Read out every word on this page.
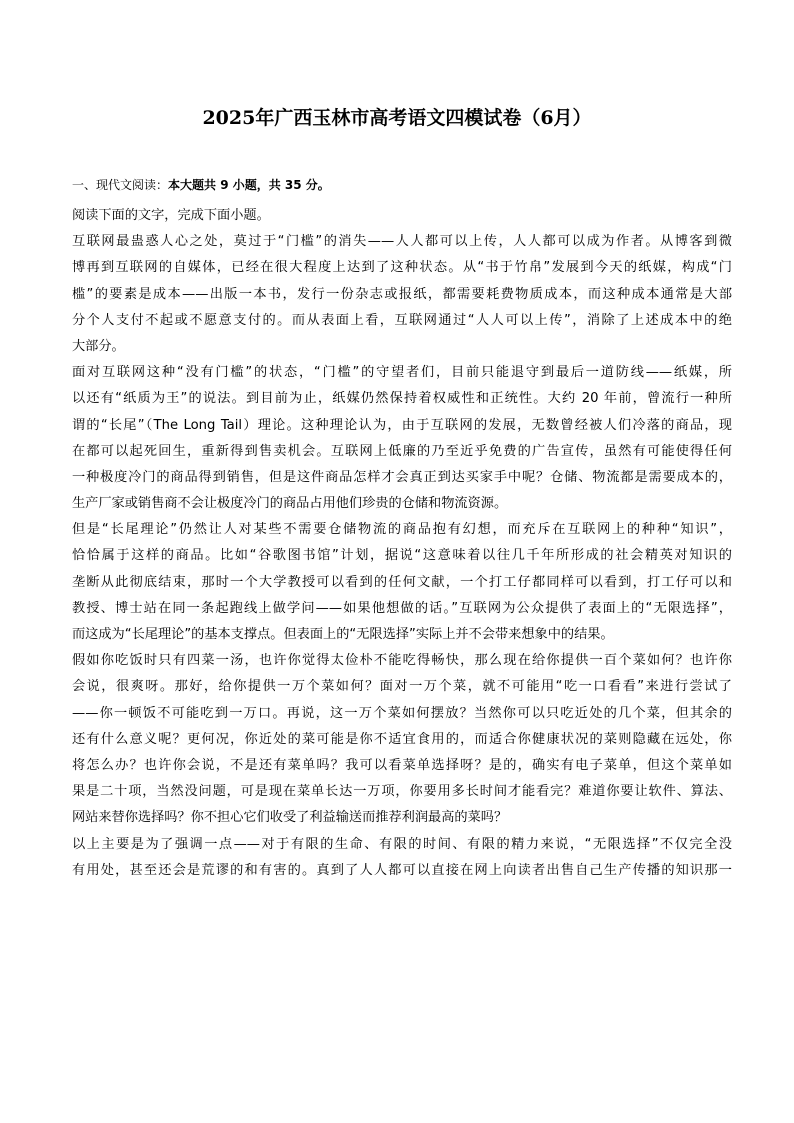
2025年广西玉林市高考语文四模试卷（6月）
一、现代文阅读：本大题共 9 小题，共 35 分。
阅读下面的文字，完成下面小题。
互联网最蛊惑人心之处，莫过于“门槛”的消失——人人都可以上传，人人都可以成为作者。从博客到微
博再到互联网的自媒体，已经在很大程度上达到了这种状态。从“书于竹帛”发展到今天的纸媒，构成“门
槛”的要素是成本——出版一本书，发行一份杂志或报纸，都需要耗费物质成本，而这种成本通常是大部
分个人支付不起或不愿意支付的。而从表面上看，互联网通过“人人可以上传”，消除了上述成本中的绝
大部分。
面对互联网这种“没有门槛”的状态，“门槛”的守望者们，目前只能退守到最后一道防线——纸媒，所
以还有“纸质为王”的说法。到目前为止，纸媒仍然保持着权威性和正统性。大约 20 年前，曾流行一种所
谓的“长尾”（The Long Tail）理论。这种理论认为，由于互联网的发展，无数曾经被人们冷落的商品，现
在都可以起死回生，重新得到售卖机会。互联网上低廉的乃至近乎免费的广告宣传，虽然有可能使得任何
一种极度冷门的商品得到销售，但是这件商品怎样才会真正到达买家手中呢？仓储、物流都是需要成本的，
生产厂家或销售商不会让极度冷门的商品占用他们珍贵的仓储和物流资源。
但是“长尾理论”仍然让人对某些不需要仓储物流的商品抱有幻想，而充斥在互联网上的种种“知识”，
恰恰属于这样的商品。比如“谷歌图书馆”计划，据说“这意味着以往几千年所形成的社会精英对知识的
垄断从此彻底结束，那时一个大学教授可以看到的任何文献，一个打工仔都同样可以看到，打工仔可以和
教授、博士站在同一条起跑线上做学问——如果他想做的话。”互联网为公众提供了表面上的“无限选择”，
而这成为“长尾理论”的基本支撑点。但表面上的“无限选择”实际上并不会带来想象中的结果。
假如你吃饭时只有四菜一汤，也许你觉得太俭朴不能吃得畅快，那么现在给你提供一百个菜如何？也许你
会说，很爽呀。那好，给你提供一万个菜如何？面对一万个菜，就不可能用“吃一口看看”来进行尝试了
——你一顿饭不可能吃到一万口。再说，这一万个菜如何摆放？当然你可以只吃近处的几个菜，但其余的
还有什么意义呢？更何况，你近处的菜可能是你不适宜食用的，而适合你健康状况的菜则隐藏在远处，你
将怎么办？也许你会说，不是还有菜单吗？我可以看菜单选择呀？是的，确实有电子菜单，但这个菜单如
果是二十项，当然没问题，可是现在菜单长达一万项，你要用多长时间才能看完？难道你要让软件、算法、
网站来替你选择吗？你不担心它们收受了利益输送而推荐利润最高的菜吗？
以上主要是为了强调一点——对于有限的生命、有限的时间、有限的精力来说，“无限选择”不仅完全没
有用处，甚至还会是荒谬的和有害的。真到了人人都可以直接在网上向读者出售自己生产传播的知识那一
